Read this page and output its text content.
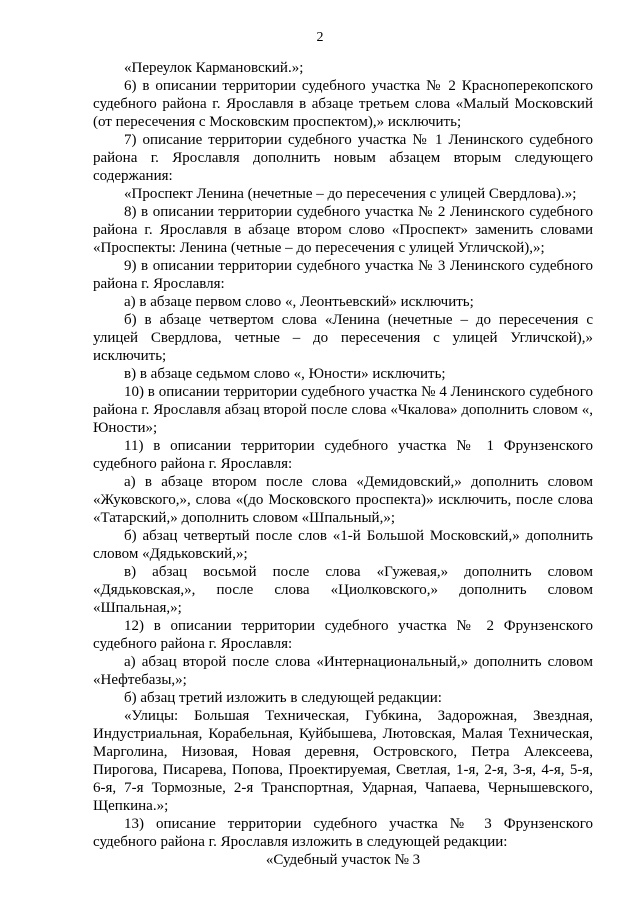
2

«Переулок Кармановский.»;

6) в описании территории судебного участка № 2 Красноперекопского судебного района г. Ярославля в абзаце третьем слова «Малый Московский (от пересечения с Московским проспектом),» исключить;

7) описание территории судебного участка № 1 Ленинского судебного района г. Ярославля дополнить новым абзацем вторым следующего содержания:

«Проспект Ленина (нечетные – до пересечения с улицей Свердлова).»;

8) в описании территории судебного участка № 2 Ленинского судебного района г. Ярославля в абзаце втором слово «Проспект» заменить словами «Проспекты: Ленина (четные – до пересечения с улицей Угличской),»;

9) в описании территории судебного участка № 3 Ленинского судебного района г. Ярославля:

а) в абзаце первом слово «, Леонтьевский» исключить;

б) в абзаце четвертом слова «Ленина (нечетные – до пересечения с улицей Свердлова, четные – до пересечения с улицей Угличской),» исключить;

в) в абзаце седьмом слово «, Юности» исключить;

10) в описании территории судебного участка № 4 Ленинского судебного района г. Ярославля абзац второй после слова «Чкалова» дополнить словом «, Юности»;

11) в описании территории судебного участка № 1 Фрунзенского судебного района г. Ярославля:

а) в абзаце втором после слова «Демидовский,» дополнить словом «Жуковского,», слова «(до Московского проспекта)» исключить, после слова «Татарский,» дополнить словом «Шпальный,»;

б) абзац четвертый после слов «1-й Большой Московский,» дополнить словом «Дядьковский,»;

в) абзац восьмой после слова «Гужевая,» дополнить словом «Дядьковская,», после слова «Циолковского,» дополнить словом «Шпальная,»;

12) в описании территории судебного участка № 2 Фрунзенского судебного района г. Ярославля:

а) абзац второй после слова «Интернациональный,» дополнить словом «Нефтебазы,»;

б) абзац третий изложить в следующей редакции:

«Улицы: Большая Техническая, Губкина, Задорожная, Звездная, Индустриальная, Корабельная, Куйбышева, Лютовская, Малая Техническая, Марголина, Низовая, Новая деревня, Островского, Петра Алексеева, Пирогова, Писарева, Попова, Проектируемая, Светлая, 1-я, 2-я, 3-я, 4-я, 5-я, 6-я, 7-я Тормозные, 2-я Транспортная, Ударная, Чапаева, Чернышевского, Щепкина.»;

13) описание территории судебного участка № 3 Фрунзенского судебного района г. Ярославля изложить в следующей редакции:

«Судебный участок № 3
